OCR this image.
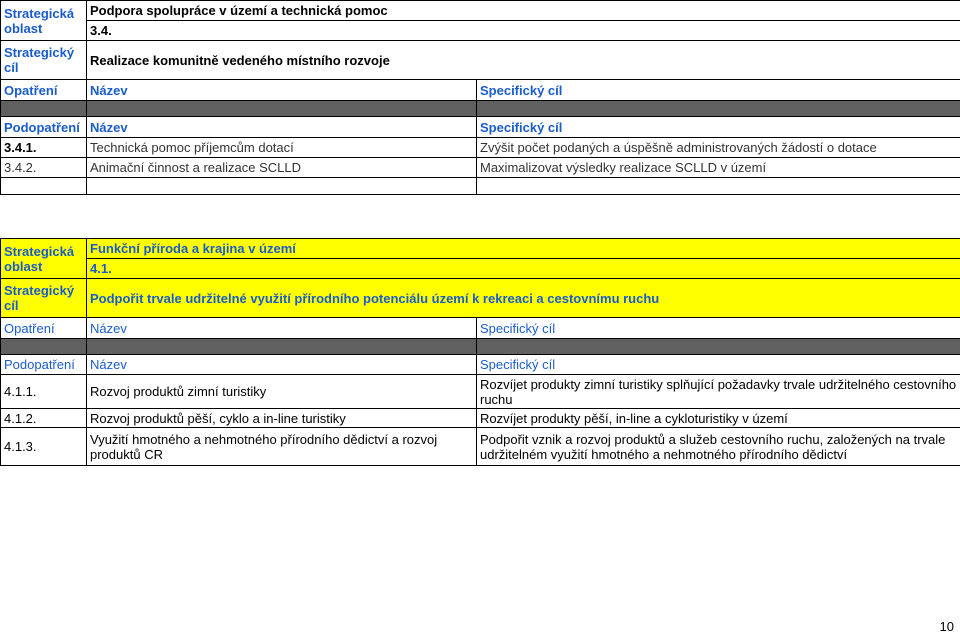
Strategická oblast	Podpora spolupráce v území a technická pomoc	
	3.4.	
Strategický cíl	Realizace komunitně vedeného místního rozvoje	
Opatření	Název	Specifický cíl

Podopatření	Název	Specifický cíl
3.4.1.	Technická pomoc příjemcům dotací	Zvýšit počet podaných a úspěšně administrovaných žádostí o dotace
3.4.2.	Animační činnost a realizace SCLLD	Maximalizovat výsledky realizace SCLLD v území

Strategická oblast	Funkční příroda a krajina v území	
	4.1.	
Strategický cíl	Podpořit trvale udržitelné využití přírodního potenciálu území k rekreaci a cestovnímu ruchu	
Opatření	Název	Specifický cíl

Podopatření	Název	Specifický cíl
4.1.1.	Rozvoj produktů zimní turistiky	Rozvíjet produkty zimní turistiky splňující požadavky trvale udržitelného cestovního ruchu
4.1.2.	Rozvoj produktů pěší, cyklo a in-line turistiky	Rozvíjet produkty pěší, in-line a cykloturistiky v území
4.1.3.	Využití hmotného a nehmotného přírodního dědictví a rozvoj produktů CR	Podpořit vznik a rozvoj produktů a služeb cestovního ruchu, založených na trvale udržitelném využití hmotného a nehmotného přírodního dědictví
10
